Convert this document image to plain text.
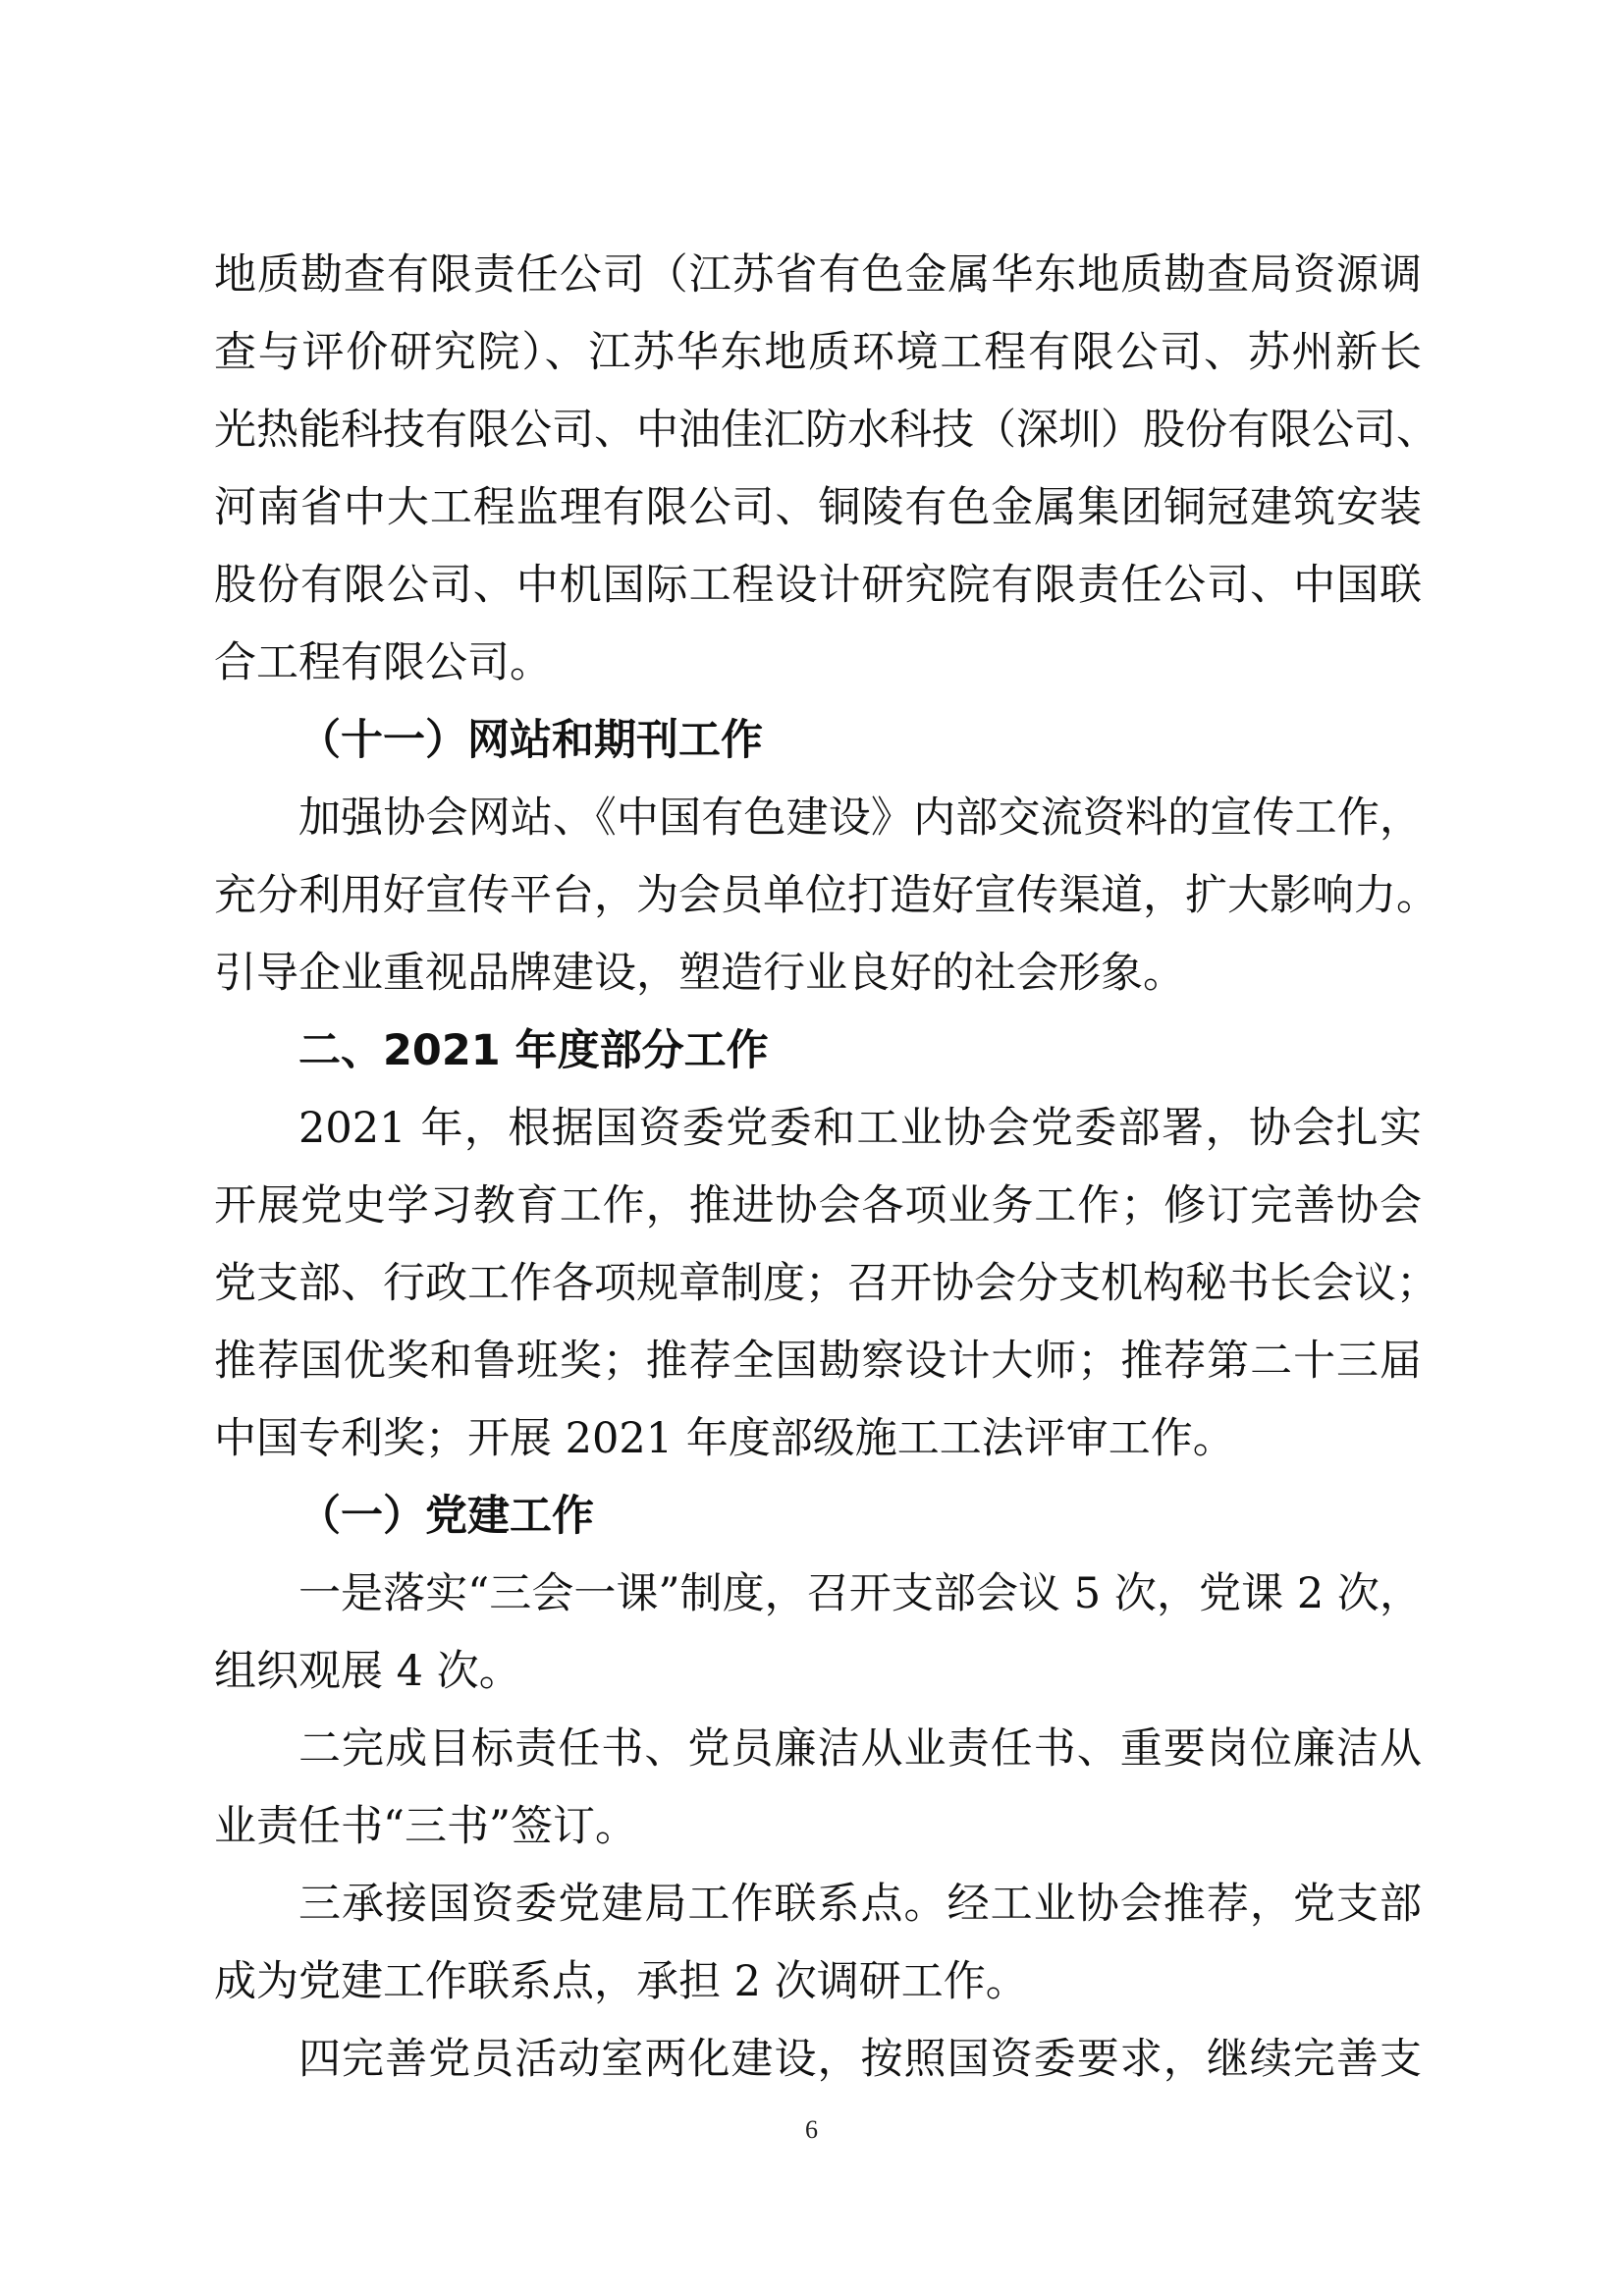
地质勘查有限责任公司（江苏省有色金属华东地质勘查局资源调
查与评价研究院）、江苏华东地质环境工程有限公司、苏州新长
光热能科技有限公司、中油佳汇防水科技（深圳）股份有限公司、
河南省中大工程监理有限公司、铜陵有色金属集团铜冠建筑安装
股份有限公司、中机国际工程设计研究院有限责任公司、中国联
合工程有限公司。
（十一）网站和期刊工作
加强协会网站、《中国有色建设》内部交流资料的宣传工作，
充分利用好宣传平台，为会员单位打造好宣传渠道，扩大影响力。
引导企业重视品牌建设，塑造行业良好的社会形象。
二、2021 年度部分工作
2021 年，根据国资委党委和工业协会党委部署，协会扎实
开展党史学习教育工作，推进协会各项业务工作；修订完善协会
党支部、行政工作各项规章制度；召开协会分支机构秘书长会议；
推荐国优奖和鲁班奖；推荐全国勘察设计大师；推荐第二十三届
中国专利奖；开展 2021 年度部级施工工法评审工作。
（一）党建工作
一是落实“三会一课”制度，召开支部会议 5 次，党课 2 次，
组织观展 4 次。
二完成目标责任书、党员廉洁从业责任书、重要岗位廉洁从
业责任书“三书”签订。
三承接国资委党建局工作联系点。经工业协会推荐，党支部
成为党建工作联系点，承担 2 次调研工作。
四完善党员活动室两化建设，按照国资委要求，继续完善支
6
